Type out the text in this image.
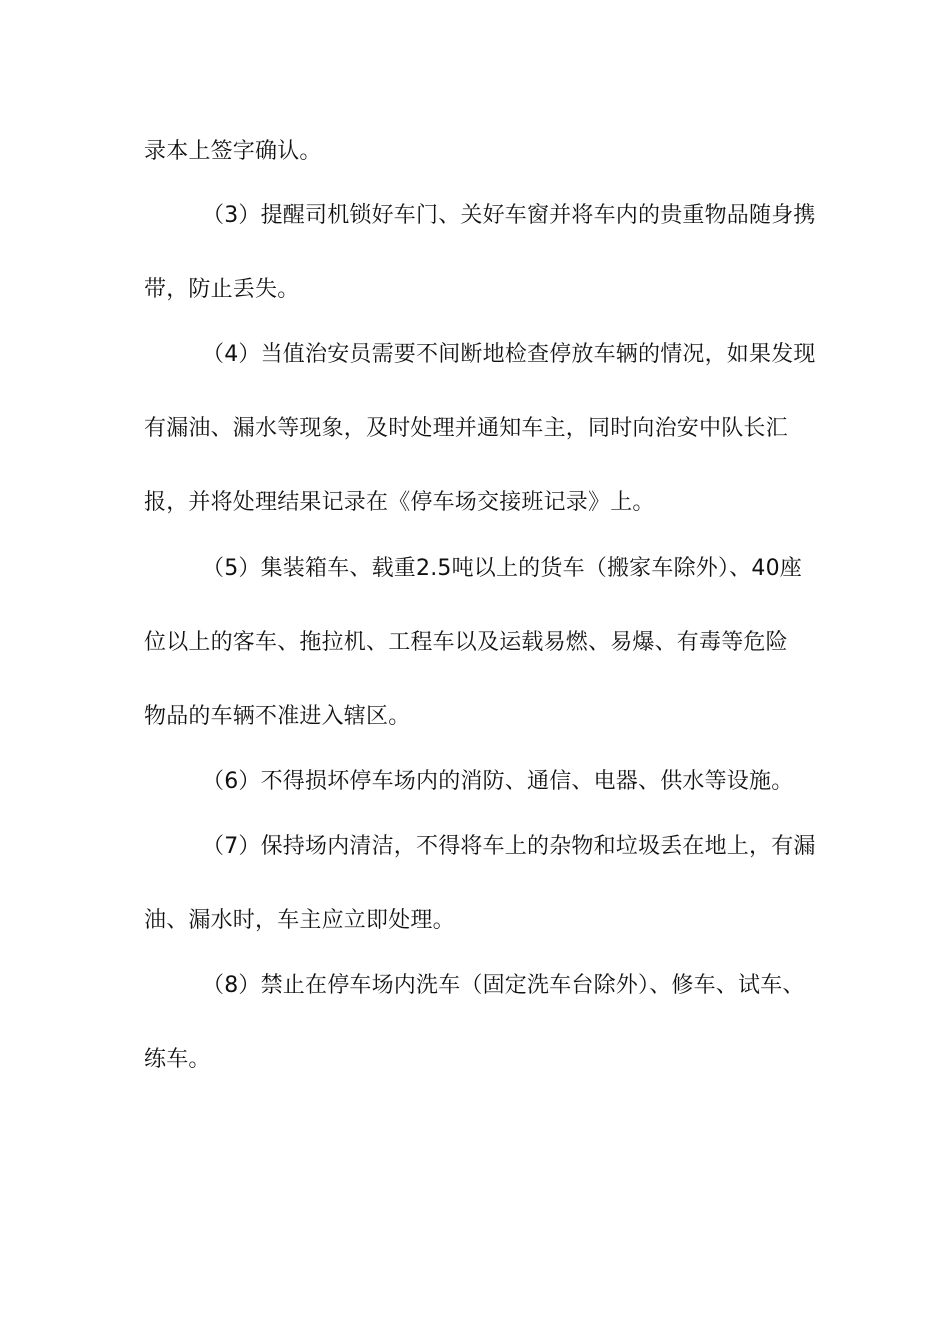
录本上签字确认。
（3）提醒司机锁好车门、关好车窗并将车内的贵重物品随身携
带，防止丢失。
（4）当值治安员需要不间断地检查停放车辆的情况，如果发现
有漏油、漏水等现象，及时处理并通知车主，同时向治安中队长汇
报，并将处理结果记录在《停车场交接班记录》上。
（5）集装箱车、载重2.5吨以上的货车（搬家车除外）、40座
位以上的客车、拖拉机、工程车以及运载易燃、易爆、有毒等危险
物品的车辆不准进入辖区。
（6）不得损坏停车场内的消防、通信、电器、供水等设施。
（7）保持场内清洁，不得将车上的杂物和垃圾丢在地上，有漏
油、漏水时，车主应立即处理。
（8）禁止在停车场内洗车（固定洗车台除外）、修车、试车、
练车。
